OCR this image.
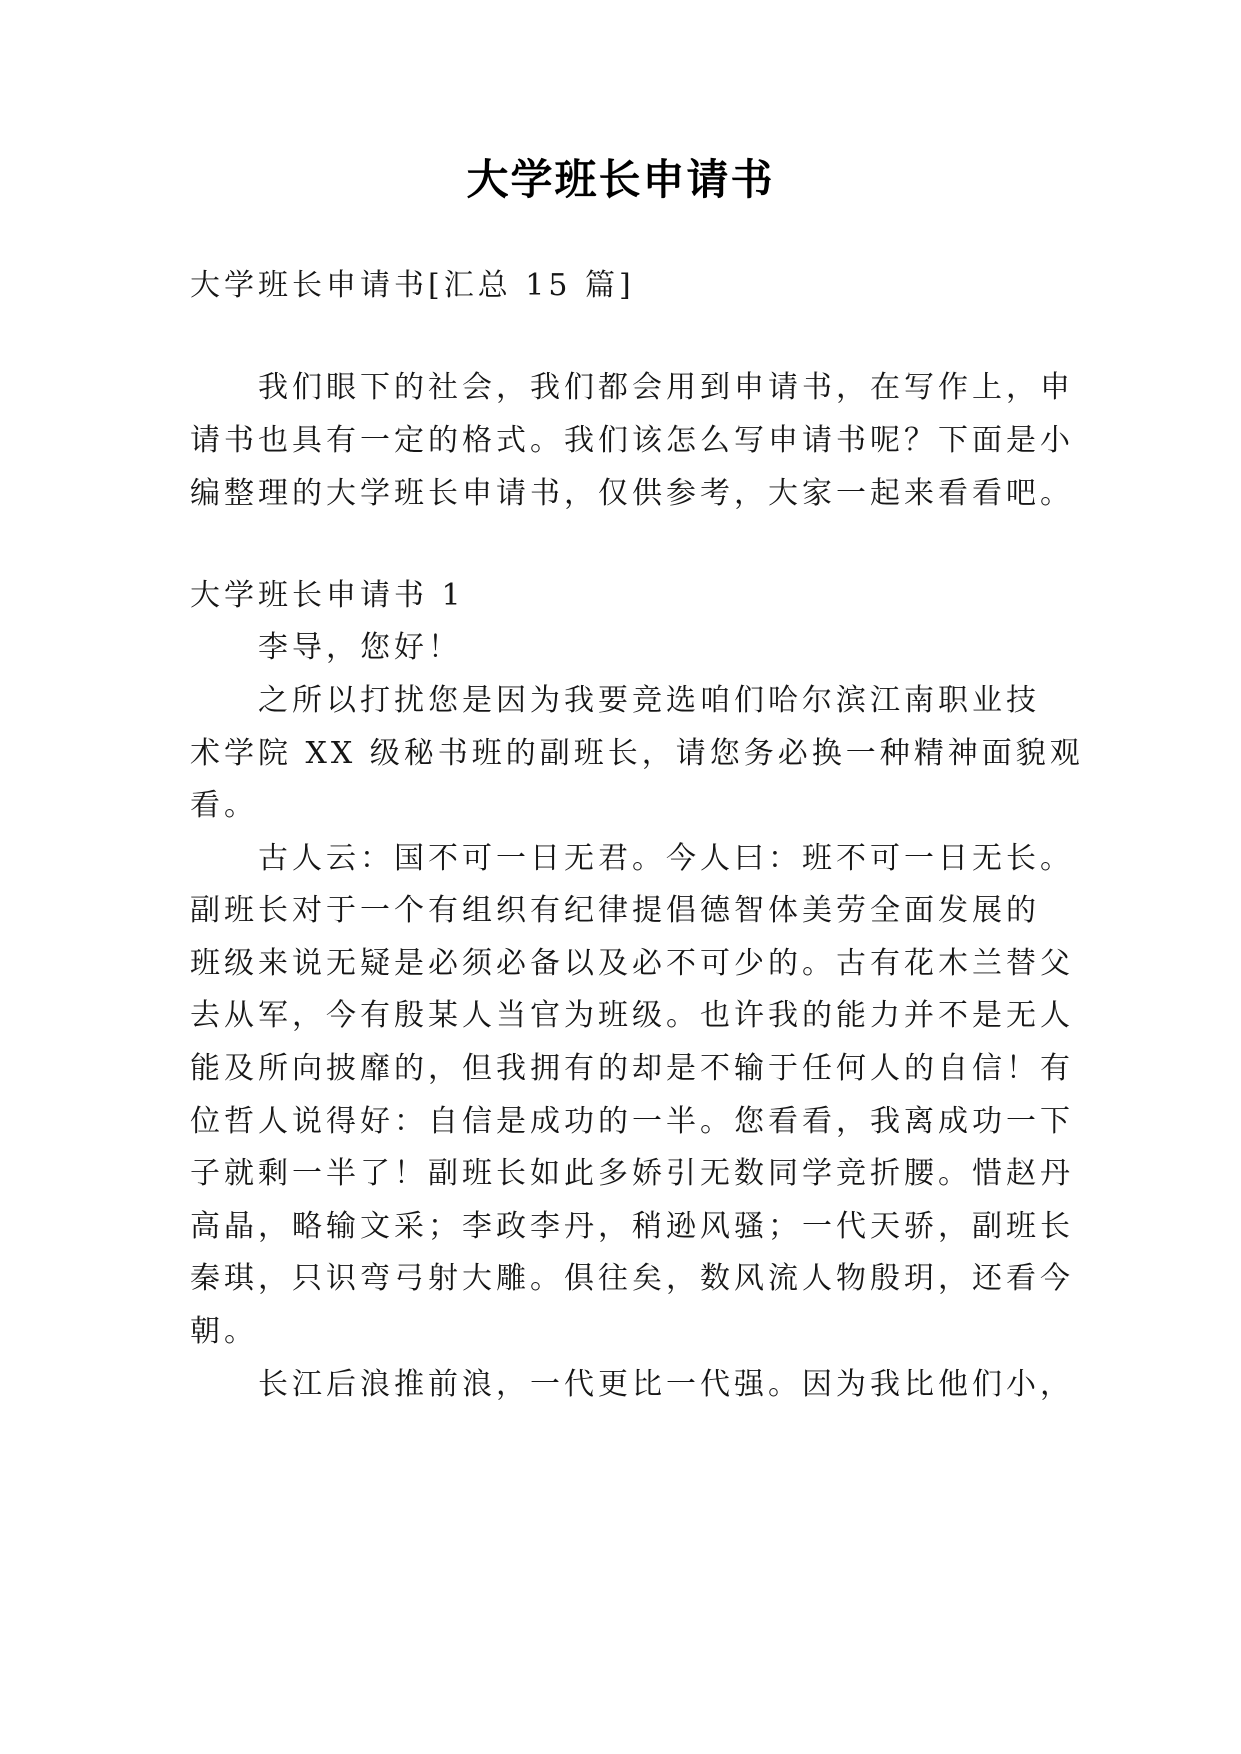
大学班长申请书
大学班长申请书[汇总 15 篇]
我们眼下的社会，我们都会用到申请书，在写作上，申
请书也具有一定的格式。我们该怎么写申请书呢？下面是小
编整理的大学班长申请书，仅供参考，大家一起来看看吧。
大学班长申请书 1
李导，您好！
之所以打扰您是因为我要竞选咱们哈尔滨江南职业技
术学院 XX 级秘书班的副班长，请您务必换一种精神面貌观
看。
古人云：国不可一日无君。今人曰：班不可一日无长。
副班长对于一个有组织有纪律提倡德智体美劳全面发展的
班级来说无疑是必须必备以及必不可少的。古有花木兰替父
去从军，今有殷某人当官为班级。也许我的能力并不是无人
能及所向披靡的，但我拥有的却是不输于任何人的自信！有
位哲人说得好：自信是成功的一半。您看看，我离成功一下
子就剩一半了！副班长如此多娇引无数同学竞折腰。惜赵丹
高晶，略输文采；李政李丹，稍逊风骚；一代天骄，副班长
秦琪，只识弯弓射大雕。俱往矣，数风流人物殷玥，还看今
朝。
长江后浪推前浪，一代更比一代强。因为我比他们小，
